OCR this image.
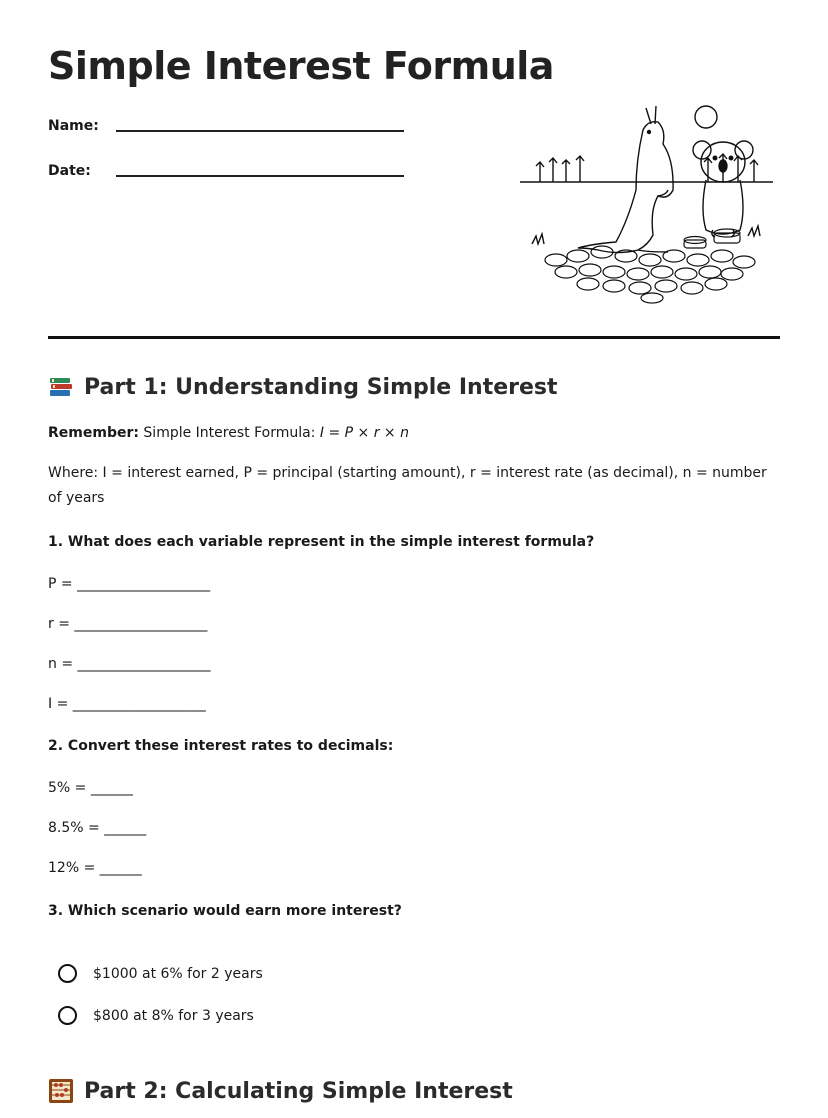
Simple Interest Formula
Name:
Date:
Part 1: Understanding Simple Interest
Remember: Simple Interest Formula: I = P × r × n
Where: I = interest earned, P = principal (starting amount), r = interest rate (as decimal), n = number of years
1. What does each variable represent in the simple interest formula?
P = ___________________
r = ___________________
n = ___________________
I = ___________________
2. Convert these interest rates to decimals:
5% = ______
8.5% = ______
12% = ______
3. Which scenario would earn more interest?
$1000 at 6% for 2 years
$800 at 8% for 3 years
Part 2: Calculating Simple Interest
